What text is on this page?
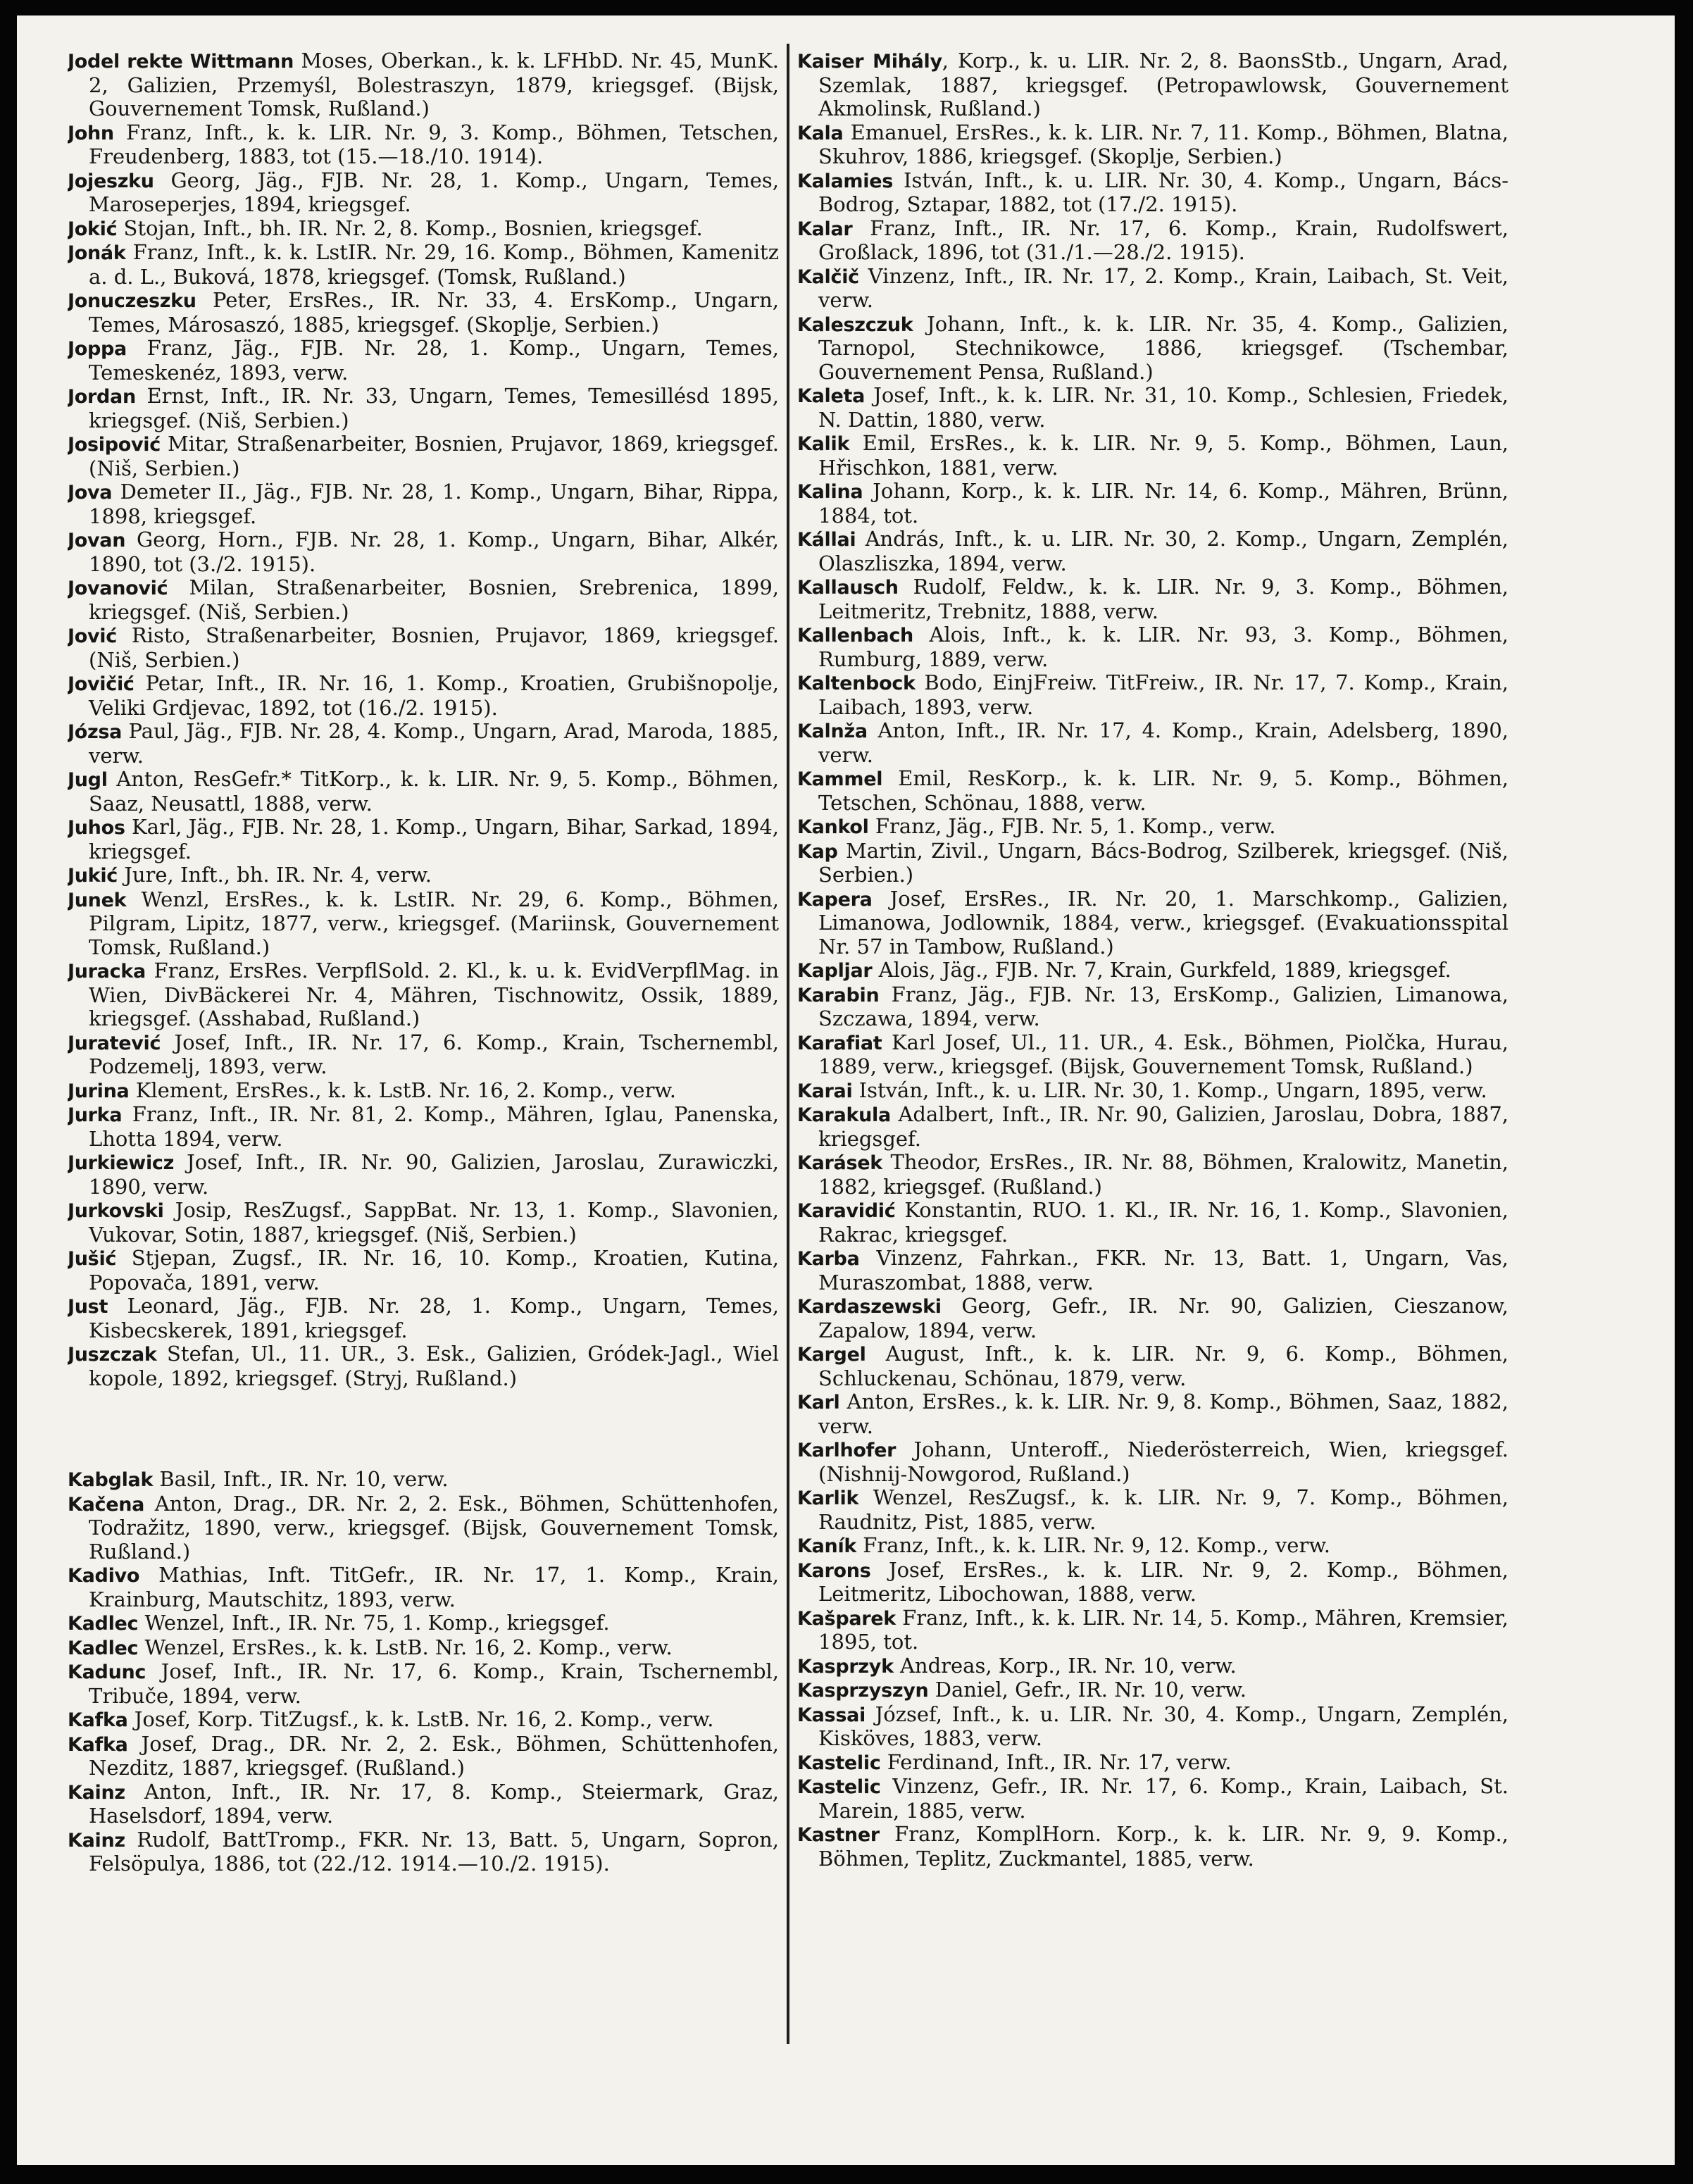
Jodel rekte Wittmann Moses, Oberkan., k. k. LFHbD. Nr. 45, MunK. 2, Galizien, Przemyśl, Bolestraszyn, 1879, kriegsgef. (Bijsk, Gouvernement Tomsk, Rußland.)

John Franz, Inft., k. k. LIR. Nr. 9, 3. Komp., Böhmen, Tetschen, Freudenberg, 1883, tot (15.—18./10. 1914).

Jojeszku Georg, Jäg., FJB. Nr. 28, 1. Komp., Ungarn, Temes, Maroseperjes, 1894, kriegsgef.

Jokić Stojan, Inft., bh. IR. Nr. 2, 8. Komp., Bosnien, kriegsgef.

Jonák Franz, Inft., k. k. LstIR. Nr. 29, 16. Komp., Böhmen, Kamenitz a. d. L., Buková, 1878, kriegsgef. (Tomsk, Rußland.)

Jonuczeszku Peter, ErsRes., IR. Nr. 33, 4. ErsKomp., Ungarn, Temes, Márosaszó, 1885, kriegsgef. (Skoplje, Serbien.)

Joppa Franz, Jäg., FJB. Nr. 28, 1. Komp., Ungarn, Temes, Temeskenéz, 1893, verw.

Jordan Ernst, Inft., IR. Nr. 33, Ungarn, Temes, Temesillésd 1895, kriegsgef. (Niš, Serbien.)

Josipović Mitar, Straßenarbeiter, Bosnien, Prujavor, 1869, kriegsgef. (Niš, Serbien.)

Jova Demeter II., Jäg., FJB. Nr. 28, 1. Komp., Ungarn, Bihar, Rippa, 1898, kriegsgef.

Jovan Georg, Horn., FJB. Nr. 28, 1. Komp., Ungarn, Bihar, Alkér, 1890, tot (3./2. 1915).

Jovanović Milan, Straßenarbeiter, Bosnien, Srebrenica, 1899, kriegsgef. (Niš, Serbien.)

Jović Risto, Straßenarbeiter, Bosnien, Prujavor, 1869, kriegsgef. (Niš, Serbien.)

Jovičić Petar, Inft., IR. Nr. 16, 1. Komp., Kroatien, Grubišnopolje, Veliki Grdjevac, 1892, tot (16./2. 1915).

Józsa Paul, Jäg., FJB. Nr. 28, 4. Komp., Ungarn, Arad, Maroda, 1885, verw.

Jugl Anton, ResGefr.* TitKorp., k. k. LIR. Nr. 9, 5. Komp., Böhmen, Saaz, Neusattl, 1888, verw.

Juhos Karl, Jäg., FJB. Nr. 28, 1. Komp., Ungarn, Bihar, Sarkad, 1894, kriegsgef.

Jukić Jure, Inft., bh. IR. Nr. 4, verw.

Junek Wenzl, ErsRes., k. k. LstIR. Nr. 29, 6. Komp., Böhmen, Pilgram, Lipitz, 1877, verw., kriegsgef. (Mariinsk, Gouvernement Tomsk, Rußland.)

Juracka Franz, ErsRes. VerpflSold. 2. Kl., k. u. k. EvidVerpflMag. in Wien, DivBäckerei Nr. 4, Mähren, Tischnowitz, Ossik, 1889, kriegsgef. (Asshabad, Rußland.)

Juratević Josef, Inft., IR. Nr. 17, 6. Komp., Krain, Tschernembl, Podzemelj, 1893, verw.

Jurina Klement, ErsRes., k. k. LstB. Nr. 16, 2. Komp., verw.

Jurka Franz, Inft., IR. Nr. 81, 2. Komp., Mähren, Iglau, Panenska, Lhotta 1894, verw.

Jurkiewicz Josef, Inft., IR. Nr. 90, Galizien, Jaroslau, Zurawiczki, 1890, verw.

Jurkovski Josip, ResZugsf., SappBat. Nr. 13, 1. Komp., Slavonien, Vukovar, Sotin, 1887, kriegsgef. (Niš, Serbien.)

Jušić Stjepan, Zugsf., IR. Nr. 16, 10. Komp., Kroatien, Kutina, Popovača, 1891, verw.

Just Leonard, Jäg., FJB. Nr. 28, 1. Komp., Ungarn, Temes, Kisbecskerek, 1891, kriegsgef.

Juszczak Stefan, Ul., 11. UR., 3. Esk., Galizien, Gródek-Jagl., Wiel kopole, 1892, kriegsgef. (Stryj, Rußland.)

Kabglak Basil, Inft., IR. Nr. 10, verw.

Kačena Anton, Drag., DR. Nr. 2, 2. Esk., Böhmen, Schüttenhofen, Todražitz, 1890, verw., kriegsgef. (Bijsk, Gouvernement Tomsk, Rußland.)

Kadivo Mathias, Inft. TitGefr., IR. Nr. 17, 1. Komp., Krain, Krainburg, Mautschitz, 1893, verw.

Kadlec Wenzel, Inft., IR. Nr. 75, 1. Komp., kriegsgef.

Kadlec Wenzel, ErsRes., k. k. LstB. Nr. 16, 2. Komp., verw.

Kadunc Josef, Inft., IR. Nr. 17, 6. Komp., Krain, Tschernembl, Tribuče, 1894, verw.

Kafka Josef, Korp. TitZugsf., k. k. LstB. Nr. 16, 2. Komp., verw.

Kafka Josef, Drag., DR. Nr. 2, 2. Esk., Böhmen, Schüttenhofen, Nezditz, 1887, kriegsgef. (Rußland.)

Kainz Anton, Inft., IR. Nr. 17, 8. Komp., Steiermark, Graz, Haselsdorf, 1894, verw.

Kainz Rudolf, BattTromp., FKR. Nr. 13, Batt. 5, Ungarn, Sopron, Felsöpulya, 1886, tot (22./12. 1914.—10./2. 1915).

Kaiser Mihály, Korp., k. u. LIR. Nr. 2, 8. BaonsStb., Ungarn, Arad, Szemlak, 1887, kriegsgef. (Petropawlowsk, Gouvernement Akmolinsk, Rußland.)

Kala Emanuel, ErsRes., k. k. LIR. Nr. 7, 11. Komp., Böhmen, Blatna, Skuhrov, 1886, kriegsgef. (Skoplje, Serbien.)

Kalamies István, Inft., k. u. LIR. Nr. 30, 4. Komp., Ungarn, Bács-Bodrog, Sztapar, 1882, tot (17./2. 1915).

Kalar Franz, Inft., IR. Nr. 17, 6. Komp., Krain, Rudolfswert, Großlack, 1896, tot (31./1.—28./2. 1915).

Kalčič Vinzenz, Inft., IR. Nr. 17, 2. Komp., Krain, Laibach, St. Veit, verw.

Kaleszczuk Johann, Inft., k. k. LIR. Nr. 35, 4. Komp., Galizien, Tarnopol, Stechnikowce, 1886, kriegsgef. (Tschembar, Gouvernement Pensa, Rußland.)

Kaleta Josef, Inft., k. k. LIR. Nr. 31, 10. Komp., Schlesien, Friedek, N. Dattin, 1880, verw.

Kalik Emil, ErsRes., k. k. LIR. Nr. 9, 5. Komp., Böhmen, Laun, Hřischkon, 1881, verw.

Kalina Johann, Korp., k. k. LIR. Nr. 14, 6. Komp., Mähren, Brünn, 1884, tot.

Kállai András, Inft., k. u. LIR. Nr. 30, 2. Komp., Ungarn, Zemplén, Olaszliszka, 1894, verw.

Kallausch Rudolf, Feldw., k. k. LIR. Nr. 9, 3. Komp., Böhmen, Leitmeritz, Trebnitz, 1888, verw.

Kallenbach Alois, Inft., k. k. LIR. Nr. 93, 3. Komp., Böhmen, Rumburg, 1889, verw.

Kaltenbock Bodo, EinjFreiw. TitFreiw., IR. Nr. 17, 7. Komp., Krain, Laibach, 1893, verw.

Kalnža Anton, Inft., IR. Nr. 17, 4. Komp., Krain, Adelsberg, 1890, verw.

Kammel Emil, ResKorp., k. k. LIR. Nr. 9, 5. Komp., Böhmen, Tetschen, Schönau, 1888, verw.

Kankol Franz, Jäg., FJB. Nr. 5, 1. Komp., verw.

Kap Martin, Zivil., Ungarn, Bács-Bodrog, Szilberek, kriegsgef. (Niš, Serbien.)

Kapera Josef, ErsRes., IR. Nr. 20, 1. Marschkomp., Galizien, Limanowa, Jodlownik, 1884, verw., kriegsgef. (Evakuationsspital Nr. 57 in Tambow, Rußland.)

Kapljar Alois, Jäg., FJB. Nr. 7, Krain, Gurkfeld, 1889, kriegsgef.

Karabin Franz, Jäg., FJB. Nr. 13, ErsKomp., Galizien, Limanowa, Szczawa, 1894, verw.

Karafiat Karl Josef, Ul., 11. UR., 4. Esk., Böhmen, Piolčka, Hurau, 1889, verw., kriegsgef. (Bijsk, Gouvernement Tomsk, Rußland.)

Karai István, Inft., k. u. LIR. Nr. 30, 1. Komp., Ungarn, 1895, verw.

Karakula Adalbert, Inft., IR. Nr. 90, Galizien, Jaroslau, Dobra, 1887, kriegsgef.

Karásek Theodor, ErsRes., IR. Nr. 88, Böhmen, Kralowitz, Manetin, 1882, kriegsgef. (Rußland.)

Karavidić Konstantin, RUO. 1. Kl., IR. Nr. 16, 1. Komp., Slavonien, Rakrac, kriegsgef.

Karba Vinzenz, Fahrkan., FKR. Nr. 13, Batt. 1, Ungarn, Vas, Muraszombat, 1888, verw.

Kardaszewski Georg, Gefr., IR. Nr. 90, Galizien, Cieszanow, Zapalow, 1894, verw.

Kargel August, Inft., k. k. LIR. Nr. 9, 6. Komp., Böhmen, Schluckenau, Schönau, 1879, verw.

Karl Anton, ErsRes., k. k. LIR. Nr. 9, 8. Komp., Böhmen, Saaz, 1882, verw.

Karlhofer Johann, Unteroff., Niederösterreich, Wien, kriegsgef. (Nishnij-Nowgorod, Rußland.)

Karlik Wenzel, ResZugsf., k. k. LIR. Nr. 9, 7. Komp., Böhmen, Raudnitz, Pist, 1885, verw.

Kaník Franz, Inft., k. k. LIR. Nr. 9, 12. Komp., verw.

Karons Josef, ErsRes., k. k. LIR. Nr. 9, 2. Komp., Böhmen, Leitmeritz, Libochowan, 1888, verw.

Kašparek Franz, Inft., k. k. LIR. Nr. 14, 5. Komp., Mähren, Kremsier, 1895, tot.

Kasprzyk Andreas, Korp., IR. Nr. 10, verw.

Kasprzyszyn Daniel, Gefr., IR. Nr. 10, verw.

Kassai József, Inft., k. u. LIR. Nr. 30, 4. Komp., Ungarn, Zemplén, Kisköves, 1883, verw.

Kastelic Ferdinand, Inft., IR. Nr. 17, verw.

Kastelic Vinzenz, Gefr., IR. Nr. 17, 6. Komp., Krain, Laibach, St. Marein, 1885, verw.

Kastner Franz, KomplHorn. Korp., k. k. LIR. Nr. 9, 9. Komp., Böhmen, Teplitz, Zuckmantel, 1885, verw.
